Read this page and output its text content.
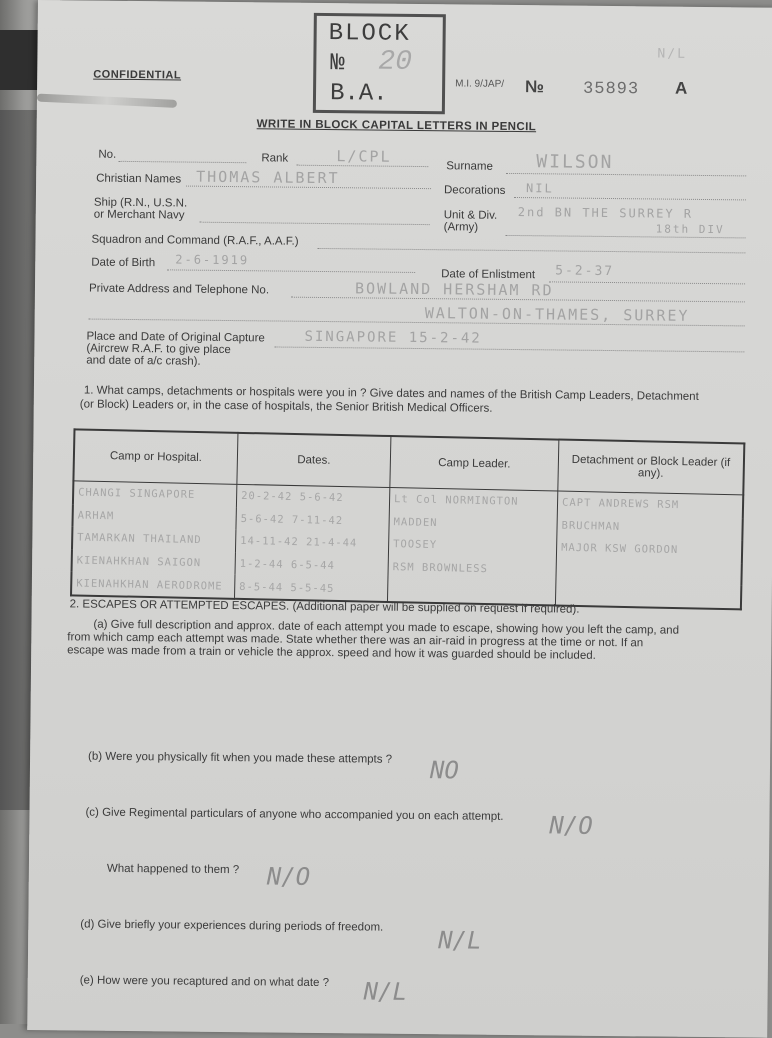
BLOCK
№ 20
B.A.
CONFIDENTIAL
M.I. 9/JAP/ № 35893 A
N/L
WRITE IN BLOCK CAPITAL LETTERS IN PENCIL
No.	Rank	L/CPL
Surname WILSON
Christian Names THOMAS ALBERT
Decorations NIL
Ship (R.N., U.S.N.
or Merchant Navy	Unit & Div.
(Army)
2nd BN THE SURREY R
18th DIV
Squadron and Command (R.A.F., A.A.F.)
Date of Birth 2-6-1919
Date of Enlistment 5-2-37
Private Address and Telephone No.	BOWLAND HERSHAM RD
WALTON-ON-THAMES, SURREY
Place and Date of Original Capture
(Aircrew R.A.F. to give place
and date of a/c crash).
SINGAPORE 15-2-42
1. What camps, detachments or hospitals were you in ? Give dates and names of the British Camp Leaders, Detachment
(or Block) Leaders or, in the case of hospitals, the Senior British Medical Officers.
Camp or Hospital.	Dates.	Camp Leader.	Detachment or Block Leader (if any).
CHANGI SINGAPORE	20-2-42 5-6-42	Lt Col NORMINGTON	CAPT ANDREWS RSM
ARHAM	5-6-42 7-11-42	MADDEN	BRUCHMAN
TAMARKAN THAILAND	14-11-42 21-4-44	TOOSEY	MAJOR KSW GORDON
KIENAHKHAN SAIGON	1-2-44 6-5-44	RSM BROWNLESS	
KIENAHKHAN AERODROME	8-5-44 5-5-45		
2. ESCAPES OR ATTEMPTED ESCAPES. (Additional paper will be supplied on request if required).
(a) Give full description and approx. date of each attempt you made to escape, showing how you left the camp, and
from which camp each attempt was made. State whether there was an air-raid in progress at the time or not. If an
escape was made from a train or vehicle the approx. speed and how it was guarded should be included.
(b) Were you physically fit when you made these attempts ? NO
(c) Give Regimental particulars of anyone who accompanied you on each attempt. N/O
What happened to them ? N/O
(d) Give briefly your experiences during periods of freedom.
N/L
(e) How were you recaptured and on what date ? N/L
